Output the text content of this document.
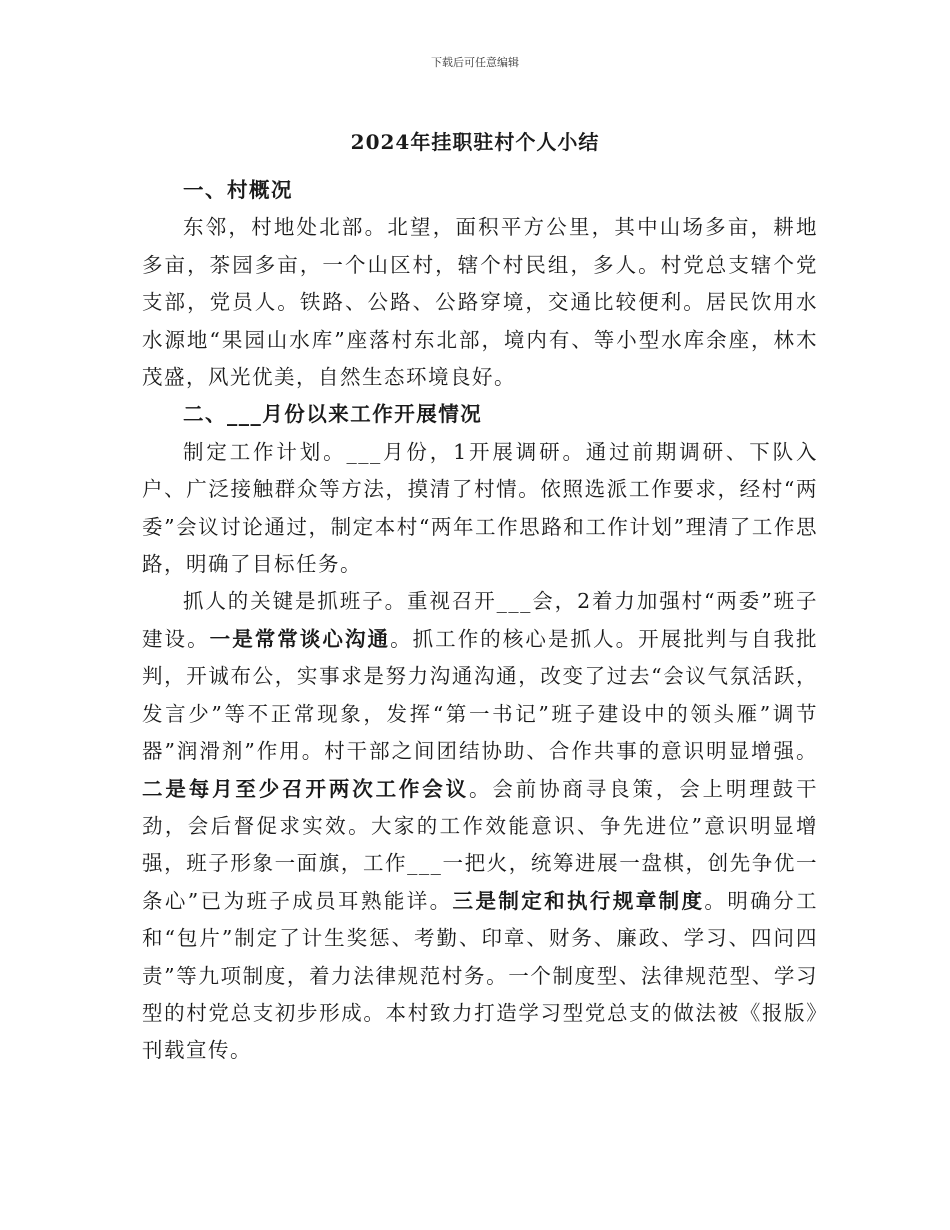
下载后可任意编辑
2024年挂职驻村个人小结

一、村概况

东邻，村地处北部。北望，面积平方公里，其中山场多亩，耕地多亩，茶园多亩，一个山区村，辖个村民组，多人。村党总支辖个党支部，党员人。铁路、公路、公路穿境，交通比较便利。居民饮用水水源地“果园山水库”座落村东北部，境内有、等小型水库余座，林木茂盛，风光优美，自然生态环境良好。

二、___月份以来工作开展情况

制定工作计划。___月份，1开展调研。通过前期调研、下队入户、广泛接触群众等方法，摸清了村情。依照选派工作要求，经村“两委”会议讨论通过，制定本村“两年工作思路和工作计划”理清了工作思路，明确了目标任务。

抓人的关键是抓班子。重视召开___会，2着力加强村“两委”班子建设。一是常常谈心沟通。抓工作的核心是抓人。开展批判与自我批判，开诚布公，实事求是努力沟通沟通，改变了过去“会议气氛活跃，发言少”等不正常现象，发挥“第一书记”班子建设中的领头雁”调节器”润滑剂”作用。村干部之间团结协助、合作共事的意识明显增强。二是每月至少召开两次工作会议。会前协商寻良策，会上明理鼓干劲，会后督促求实效。大家的工作效能意识、争先进位”意识明显增强，班子形象一面旗，工作___一把火，统筹进展一盘棋，创先争优一条心”已为班子成员耳熟能详。三是制定和执行规章制度。明确分工和“包片”制定了计生奖惩、考勤、印章、财务、廉政、学习、四问四责”等九项制度，着力法律规范村务。一个制度型、法律规范型、学习型的村党总支初步形成。本村致力打造学习型党总支的做法被《报版》刊载宣传。
